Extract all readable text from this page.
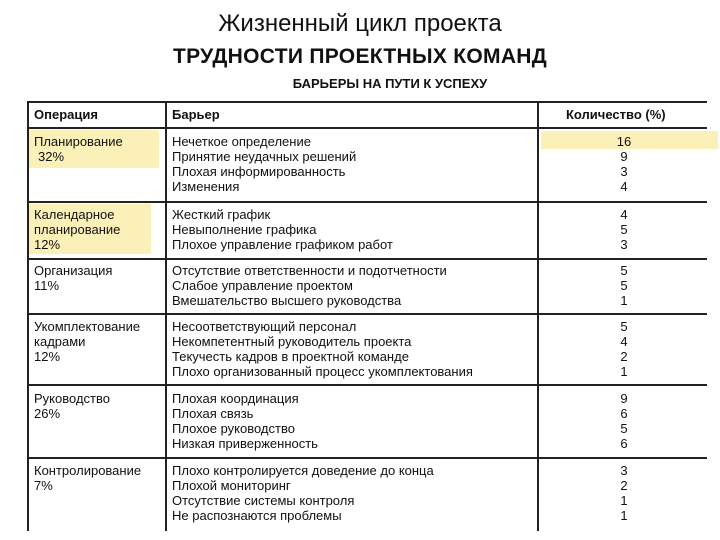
Жизненный цикл проекта
ТРУДНОСТИ ПРОЕКТНЫХ КОМАНД
БАРЬЕРЫ НА ПУТИ К УСПЕХУ
Операция	Барьер	Количество (%)
Планирование
32%
Нечеткое определение
Принятие неудачных решений
Плохая информированность
Изменения
16
9
3
4
Календарное
планирование
12%
Жесткий график
Невыполнение графика
Плохое управление графиком работ
4
5
3
Организация
11%
Отсутствие ответственности и подотчетности
Слабое управление проектом
Вмешательство высшего руководства
5
5
1
Укомплектование
кадрами
12%
Несоответствующий персонал
Некомпетентный руководитель проекта
Текучесть кадров в проектной команде
Плохо организованный процесс укомплектования
5
4
2
1
Руководство
26%
Плохая координация
Плохая связь
Плохое руководство
Низкая приверженность
9
6
5
6
Контролирование
7%
Плохо контролируется доведение до конца
Плохой мониторинг
Отсутствие системы контроля
Не распознаются проблемы
3
2
1
1
